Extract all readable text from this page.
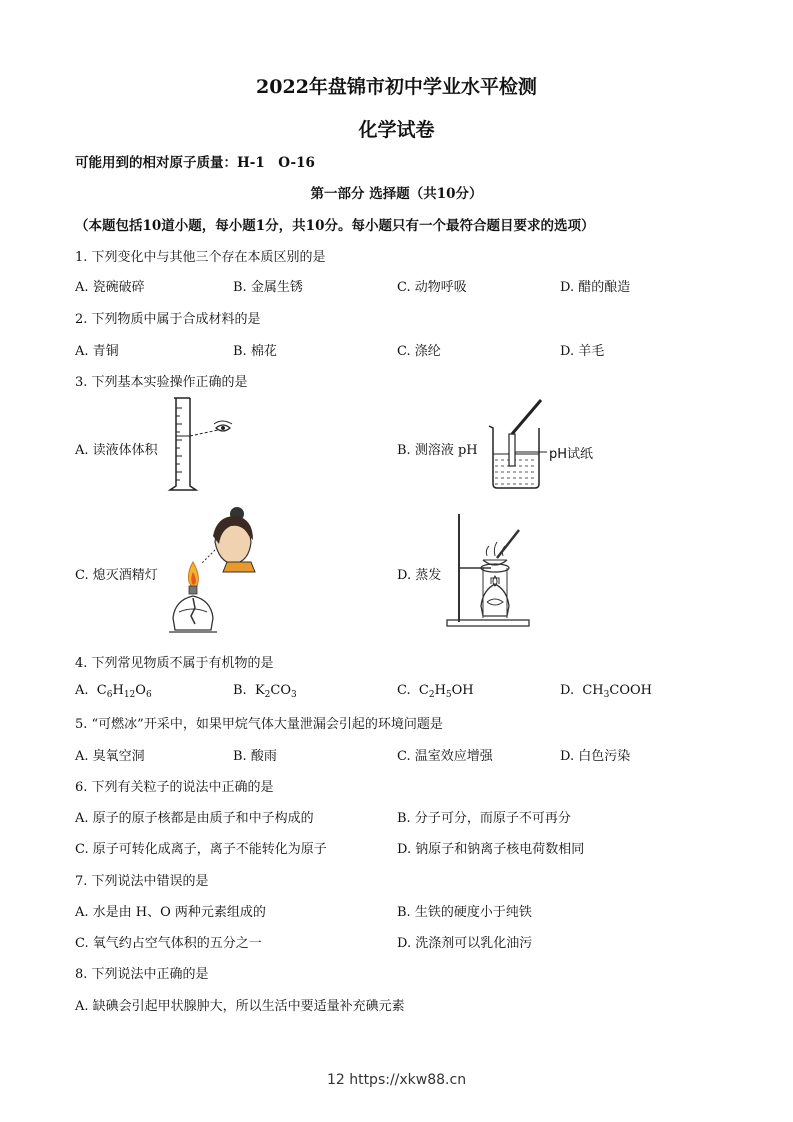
2022年盘锦市初中学业水平检测
化学试卷
可能用到的相对原子质量：H-1　O-16
第一部分 选择题（共10分）
（本题包括10道小题，每小题1分，共10分。每小题只有一个最符合题目要求的选项）
1. 下列变化中与其他三个存在本质区别的是
A. 瓷碗破碎	B. 金属生锈	C. 动物呼吸	D. 醋的酿造
2. 下列物质中属于合成材料的是
A. 青铜	B. 棉花	C. 涤纶	D. 羊毛
3. 下列基本实验操作正确的是
A. 读液体体积	B. 测溶液 pH
C. 熄灭酒精灯	D. 蒸发
pH试纸
4. 下列常见物质不属于有机物的是
A.  $C_6H_{12}O_6$	B.  $K_2CO_3$	C.  $C_2H_5OH$	D.  $CH_3COOH$
5. “可燃冰”开采中，如果甲烷气体大量泄漏会引起的环境问题是
A. 臭氧空洞	B. 酸雨	C. 温室效应增强	D. 白色污染
6. 下列有关粒子的说法中正确的是
A. 原子的原子核都是由质子和中子构成的	B. 分子可分，而原子不可再分
C. 原子可转化成离子，离子不能转化为原子	D. 钠原子和钠离子核电荷数相同
7. 下列说法中错误的是
A. 水是由 H、O 两种元素组成的	B. 生铁的硬度小于纯铁
C. 氧气约占空气体积的五分之一	D. 洗涤剂可以乳化油污
8. 下列说法中正确的是
A. 缺碘会引起甲状腺肿大，所以生活中要适量补充碘元素
12 https://xkw88.cn
